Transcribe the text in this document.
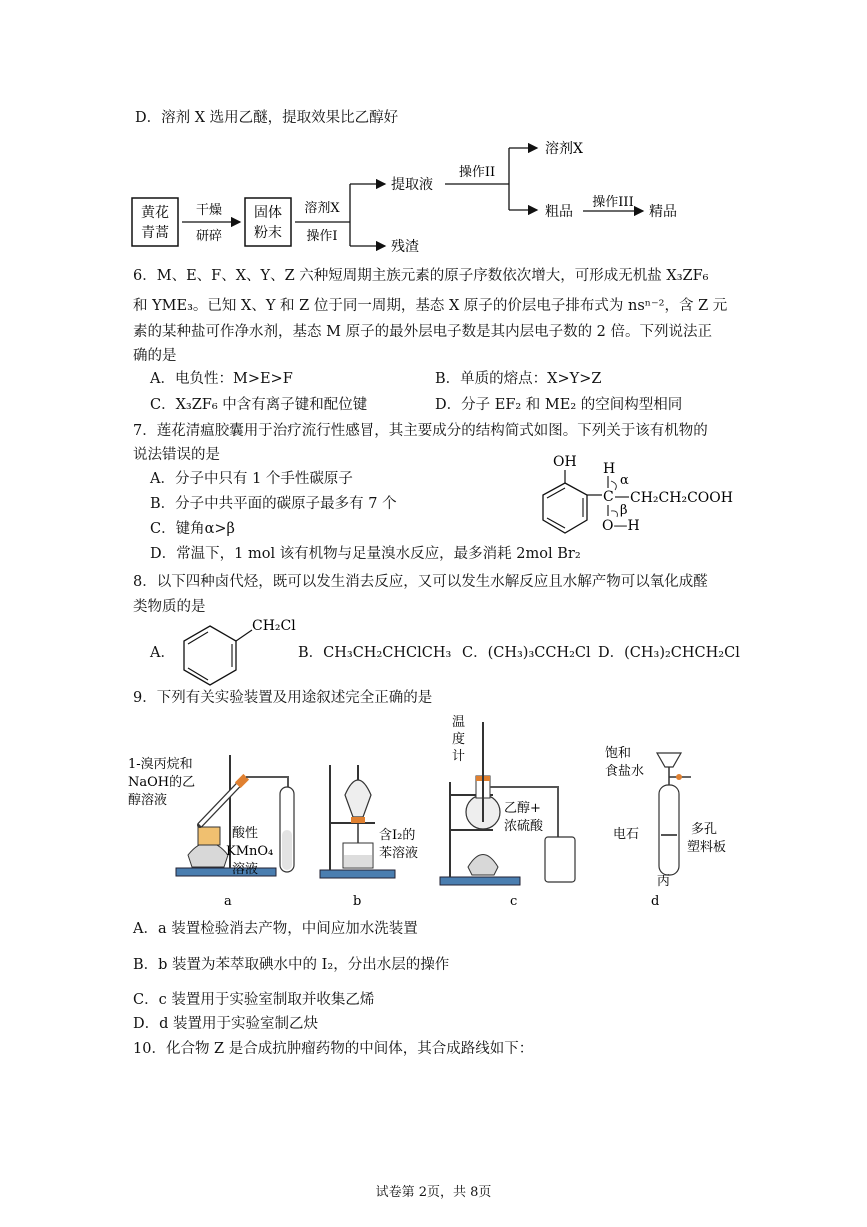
D．溶剂 X 选用乙醚，提取效果比乙醇好
黄花
青蒿
干燥
研碎
固体
粉末
溶剂X
操作I
提取液
残渣
操作II
溶剂X
粗品
操作III
精品
6．M、E、F、X、Y、Z 六种短周期主族元素的原子序数依次增大，可形成无机盐 X₃ZF₆
和 YME₃。已知 X、Y 和 Z 位于同一周期，基态 X 原子的价层电子排布式为 nsⁿ⁻²，含 Z 元
素的某种盐可作净水剂，基态 M 原子的最外层电子数是其内层电子数的 2 倍。下列说法正
确的是
A．电负性：M>E>F	B．单质的熔点：X>Y>Z
C．X₃ZF₆ 中含有离子键和配位键	D．分子 EF₂ 和 ME₂ 的空间构型相同
7．莲花清瘟胶囊用于治疗流行性感冒，其主要成分的结构简式如图。下列关于该有机物的
说法错误的是
A．分子中只有 1 个手性碳原子
B．分子中共平面的碳原子最多有 7 个
C．键角α>β
D．常温下，1 mol 该有机物与足量溴水反应，最多消耗 2mol Br₂
OH H
α
C CH₂CH₂COOH
β
O—H
8．以下四种卤代烃，既可以发生消去反应，又可以发生水解反应且水解产物可以氧化成醛
类物质的是
A．
CH₂Cl
B．CH₃CH₂CHClCH₃ C．(CH₃)₃CCH₂Cl D．(CH₃)₂CHCH₂Cl
9．下列有关实验装置及用途叙述完全正确的是
1-溴丙烷和
NaOH的乙
醇溶液
酸性
KMnO₄
溶液
a
含I₂的
苯溶液
b
温
度
计
乙醇+
浓硫酸
c
饱和
食盐水
电石	多孔
塑料板
丙
d
A．a 装置检验消去产物，中间应加水洗装置
B．b 装置为苯萃取碘水中的 I₂，分出水层的操作
C．c 装置用于实验室制取并收集乙烯
D．d 装置用于实验室制乙炔
10．化合物 Z 是合成抗肿瘤药物的中间体，其合成路线如下：
试卷第 2页，共 8页
